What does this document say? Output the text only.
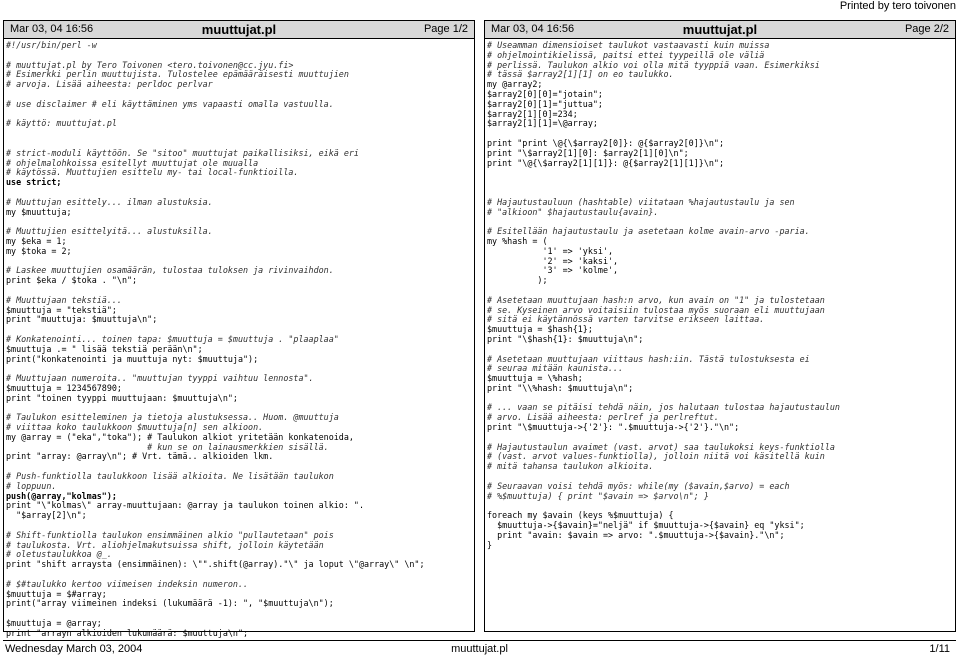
Printed by tero toivonen
Mar 03, 04 16:56	muuttujat.pl	Page 1/2
#!/usr/bin/perl -w
# muuttujat.pl by Tero Toivonen <tero.toivonen@cc.jyu.fi>
# Esimerkki perlin muuttujista. Tulostelee epämääräisesti muuttujien
# arvoja. Lisää aiheesta: perldoc perlvar
# use disclaimer # eli käyttäminen yms vapaasti omalla vastuulla.
# käyttö: muuttujat.pl
# strict-moduli käyttöön. Se "sitoo" muuttujat paikallisiksi, eikä eri
# ohjelmalohkoissa esitellyt muuttujat ole muualla
# käytössä. Muuttujien esittelu my- tai local-funktioilla.
use strict;
# Muuttujan esittely... ilman alustuksia.
my $muuttuja;
# Muuttujien esittelyitä... alustuksilla.
my $eka = 1;
my $toka = 2;
# Laskee muuttujien osamäärän, tulostaa tuloksen ja rivinvaihdon.
print $eka / $toka . "\n";
# Muuttujaan tekstiä...
$muuttuja = "tekstiä";
print "muuttuja: $muuttuja\n";
# Konkatenointi... toinen tapa: $muuttuja = $muuttuja . "plaaplaa"
$muuttuja .= " lisää tekstiä perään\n";
print("konkatenointi ja muuttuja nyt: $muuttuja");
# Muuttujaan numeroita.. "muuttujan tyyppi vaihtuu lennosta".
$muuttuja = 1234567890;
print "toinen tyyppi muuttujaan: $muuttuja\n";
# Taulukon esitteleminen ja tietoja alustuksessa.. Huom. @muuttuja
# viittaa koko taulukkoon $muuttuja[n] sen alkioon.
my @array = ("eka","toka"); # Taulukon alkiot yritetään konkatenoida,
# kun se on lainausmerkkien sisällä.
print "array: @array\n"; # Vrt. tämä.. alkioiden lkm.
# Push-funktiolla taulukkoon lisää alkioita. Ne lisätään taulukon
# loppuun.
push(@array,"kolmas");
print "\"kolmas\" array-muuttujaan: @array ja taulukon toinen alkio: ".
"$array[2]\n";
# Shift-funktiolla taulukon ensimmäinen alkio "pullautetaan" pois
# taulukosta. Vrt. aliohjelmakutsuissa shift, jolloin käytetään
# oletustaulukkoa @_.
print "shift arraysta (ensimmäinen): \"".shift(@array)."\" ja loput \"@array\" \n";
# $#taulukko kertoo viimeisen indeksin numeron..
$muuttuja = $#array;
print("array viimeinen indeksi (lukumäärä -1): ", "$muuttuja\n");
$muuttuja = @array;
print "arrayn alkioiden lukumäärä: $muuttuja\n";
Mar 03, 04 16:56	muuttujat.pl	Page 2/2
# Useamman dimensioiset taulukot vastaavasti kuin muissa
# ohjelmointikielissä, paitsi ettei tyypeillä ole väliä
# perlissä. Taulukon alkio voi olla mitä tyyppiä vaan. Esimerkiksi
# tässä $array2[1][1] on eo taulukko.
my @array2;
$array2[0][0]="jotain";
$array2[0][1]="juttua";
$array2[1][0]=234;
$array2[1][1]=\@array;
print "print \@{\$array2[0]}: @{$array2[0]}\n";
print "\$array2[1][0]: $array2[1][0]\n";
print "\@{\$array2[1][1]}: @{$array2[1][1]}\n";
# Hajautustauluun (hashtable) viitataan %hajautustaulu ja sen
# "alkioon" $hajautustaulu{avain}.
# Esitellään hajautustaulu ja asetetaan kolme avain-arvo -paria.
my %hash = (
'1' => 'yksi',
'2' => 'kaksi',
'3' => 'kolme',
);
# Asetetaan muuttujaan hash:n arvo, kun avain on "1" ja tulostetaan
# se. Kyseinen arvo voitaisiin tulostaa myös suoraan eli muuttujaan
# sitä ei käytännössä varten tarvitse erikseen laittaa.
$muuttuja = $hash{1};
print "\$hash{1}: $muuttuja\n";
# Asetetaan muuttujaan viittaus hash:iin. Tästä tulostuksesta ei
# seuraa mitään kaunista...
$muuttuja = \%hash;
print "\\%hash: $muuttuja\n";
# ... vaan se pitäisi tehdä näin, jos halutaan tulostaa hajautustaulun
# arvo. Lisää aiheesta: perlref ja perlreftut.
print "\$muuttuja->{'2'}: ".$muuttuja->{'2'}."\n";
# Hajautustaulun avaimet (vast. arvot) saa taulukoksi keys-funktiolla
# (vast. arvot values-funktiolla), jolloin niitä voi käsitellä kuin
# mitä tahansa taulukon alkioita.
# Seuraavan voisi tehdä myös: while(my ($avain,$arvo) = each
# %$muuttuja) { print "$avain => $arvo\n"; }
foreach my $avain (keys %$muuttuja) {
$muuttuja->{$avain}="neljä" if $muuttuja->{$avain} eq "yksi";
print "avain: $avain => arvo: ".$muuttuja->{$avain}."\n";
}
Wednesday March 03, 2004	muuttujat.pl	1/11
